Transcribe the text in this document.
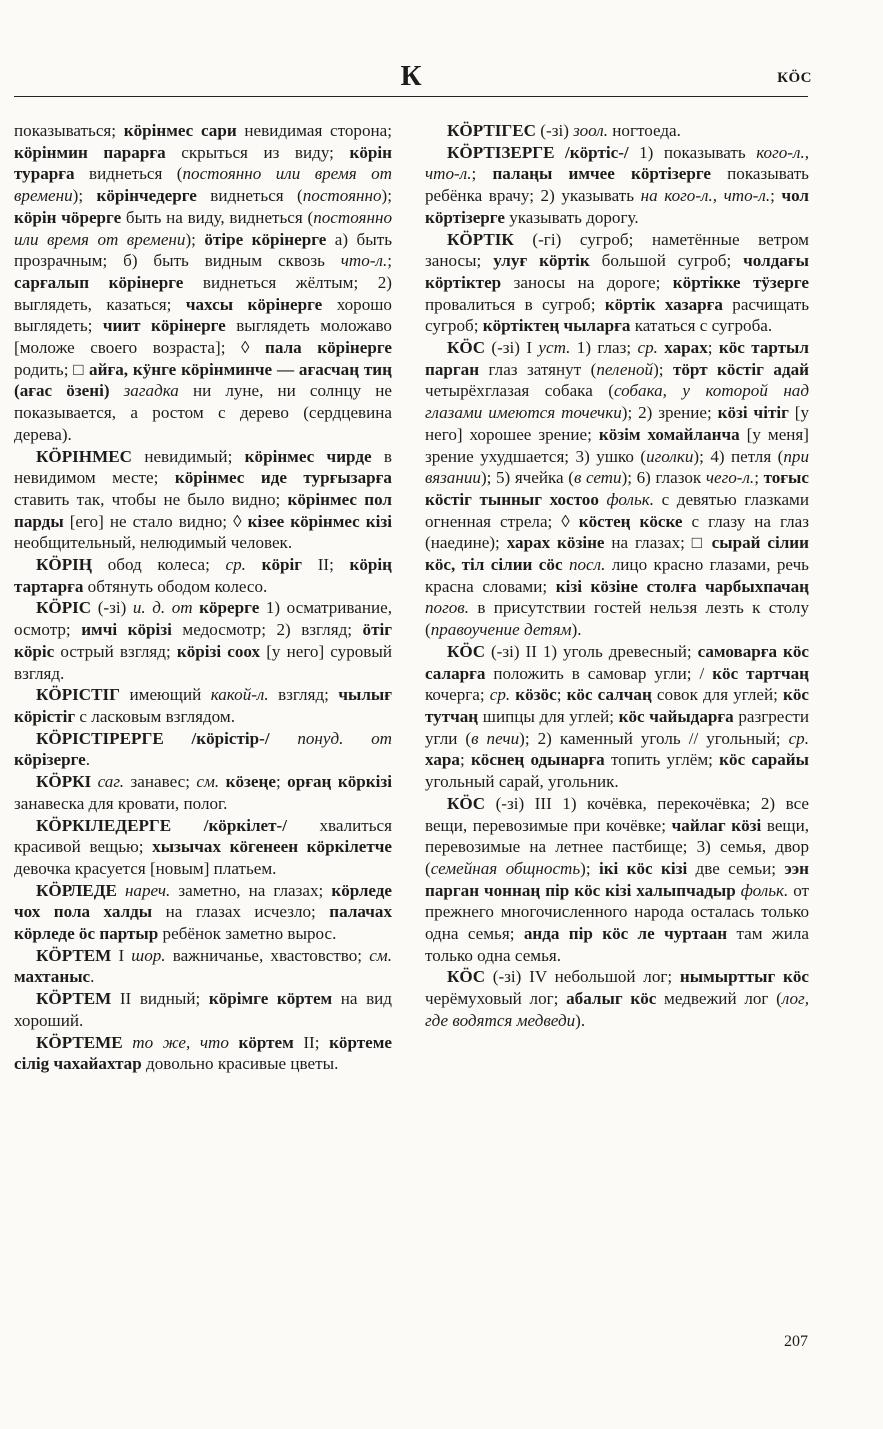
К	КÖС

показываться; кöрінмес сари невидимая сторона; кöрінмин парарға скрыться из виду; кöрін турарға виднеться (постоянно или время от времени); кöрінчедерге виднеться (постоянно); кöрін чöрерге быть на виду, виднеться (постоянно или время от времени); ӧтіре кöрінерге а) быть прозрачным; б) быть видным сквозь что-л.; сарғалып кöрінерге виднеться жёлтым; 2) выглядеть, казаться; чахсы кöрінерге хорошо выглядеть; чиит кöрінерге выглядеть моложаво [моложе своего возраста]; ◊ пала кöрінерге родить; □ айға, кÿнге кöрінминче — ағасчаң тиң (ағас ӧзені) загадка ни луне, ни солнцу не показывается, а ростом с дерево (сердцевина дерева).

КÖРІНМЕС невидимый; кöрінмес чирде в невидимом месте; кöрінмес иде турғызарға ставить так, чтобы не было видно; кöрінмес пол парды [его] не стало видно; ◊ кізее кöрінмес кізі необщительный, нелюдимый человек.

КÖРІҢ обод колеса; ср. кöріг II; кöрің тартарға обтянуть ободом колесо.

КÖРІС (-зі) и. д. от кöрерге 1) осматривание, осмотр; имчі кöрізі медосмотр; 2) взгляд; ӧтіг кöріс острый взгляд; кöрізі соох [у него] суровый взгляд.

КÖРІСТІГ имеющий какой-л. взгляд; чылығ кöрістіг с ласковым взглядом.

КÖРІСТІРЕРГЕ /кöрістір-/ понуд. от кöрізерге.

КÖРКІ саг. занавес; см. кöзеңе; орғаң кöркізі занавеска для кровати, полог.

КÖРКІЛЕДЕРГЕ /кöркілет-/ хвалиться красивой вещью; хызычах кöгенеен кöркілетче девочка красуется [новым] платьем.

КÖРЛЕДЕ нареч. заметно, на глазах; кöрледе чох пола халды на глазах исчезло; палачах кöрледе ӧс партыр ребёнок заметно вырос.

КÖРТЕМ I шор. важничанье, хвастовство; см. махтаныс.

КÖРТЕМ II видный; кöрімге кöртем на вид хороший.

КÖРТЕМЕ то же, что кöртем II; кöртеме сілig чахайахтар довольно красивые цветы.

КÖРТІГЕС (-зі) зоол. ногтоеда.

КÖРТІЗЕРГЕ /кöртіс-/ 1) показывать кого-л., что-л.; палаңы имчее кöртізерге показывать ребёнка врачу; 2) указывать на кого-л., что-л.; чол кöртізерге указывать дорогу.

КÖРТІК (-гі) сугроб; наметённые ветром заносы; улуғ кöртік большой сугроб; чолдағы кöртіктер заносы на дороге; кöртікке тÿзерге провалиться в сугроб; кöртік хазарға расчищать сугроб; кöртіктең чыларға кататься с сугроба.

КÖС (-зі) I уст. 1) глаз; ср. харах; кöс тартыл парган глаз затянут (пеленой); тöрт кöстіг адай четырёхглазая собака (собака, у которой над глазами имеются точечки); 2) зрение; кöзі чітіг [у него] хорошее зрение; кöзім хомайланча [у меня] зрение ухудшается; 3) ушко (иголки); 4) петля (при вязании); 5) ячейка (в сети); 6) глазок чего-л.; тоғыс кöстіг тынныг хостоо фольк. с девятью глазками огненная стрела; ◊ кöстең кöске с глазу на глаз (наедине); харах кöзіне на глазах; □ сырай сілии кöс, тіл сілии сöс посл. лицо красно глазами, речь красна словами; кізі кöзіне столға чарбыхпачаң погов. в присутствии гостей нельзя лезть к столу (правоучение детям).

КÖС (-зі) II 1) уголь древесный; самоварға кöс саларға положить в самовар угли; / кöс тартчаң кочерга; ср. кöзöс; кöс салчаң совок для углей; кöс тутчаң шипцы для углей; кöс чайыдарға разгрести угли (в печи); 2) каменный уголь // угольный; ср. хара; кöснең одынарға топить углём; кöс сарайы угольный сарай, угольник.

КÖС (-зі) III 1) кочёвка, перекочёвка; 2) все вещи, перевозимые при кочёвке; чайлаг кöзі вещи, перевозимые на летнее пастбище; 3) семья, двор (семейная общность); ікі кöс кізі две семьи; ээн парган чоннаң пір кöс кізі халыпчадыр фольк. от прежнего многочисленного народа осталась только одна семья; анда пір кöс ле чуртаан там жила только одна семья.

КÖС (-зі) IV небольшой лог; нымырттыг кöс черёмуховый лог; абалыг кöс медвежий лог (лог, где водятся медведи).

207
